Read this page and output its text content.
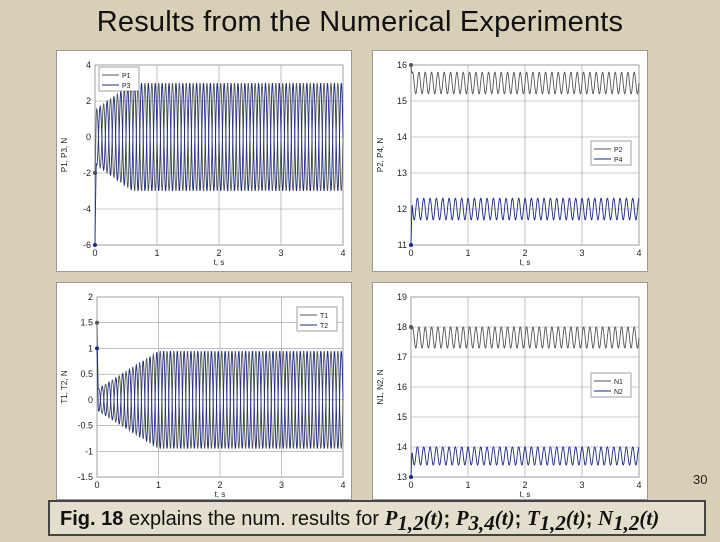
Results from the Numerical Experiments
0	1	2	3	4
-6
-4
-2
0
2
4
t, s
P1, P3, N
P1
P3
0	1	2	3	4
11
12
13
14
15
16
t, s
P2, P4, N	P2
P4
0	1	2	3	4
-1.5
-1
-0.5
0
0.5
1
1.5
2
t, s
T1, T2, N
T1
T2
0	1	2	3	4
13
14
15
16
17
18
19
t, s
N1, N2, N	N1
N2
30
Fig. 18 explains the num. results for $P_{1,2}(t)$; $P_{3,4}(t)$; $T_{1,2}(t)$; $N_{1,2}(t)$
